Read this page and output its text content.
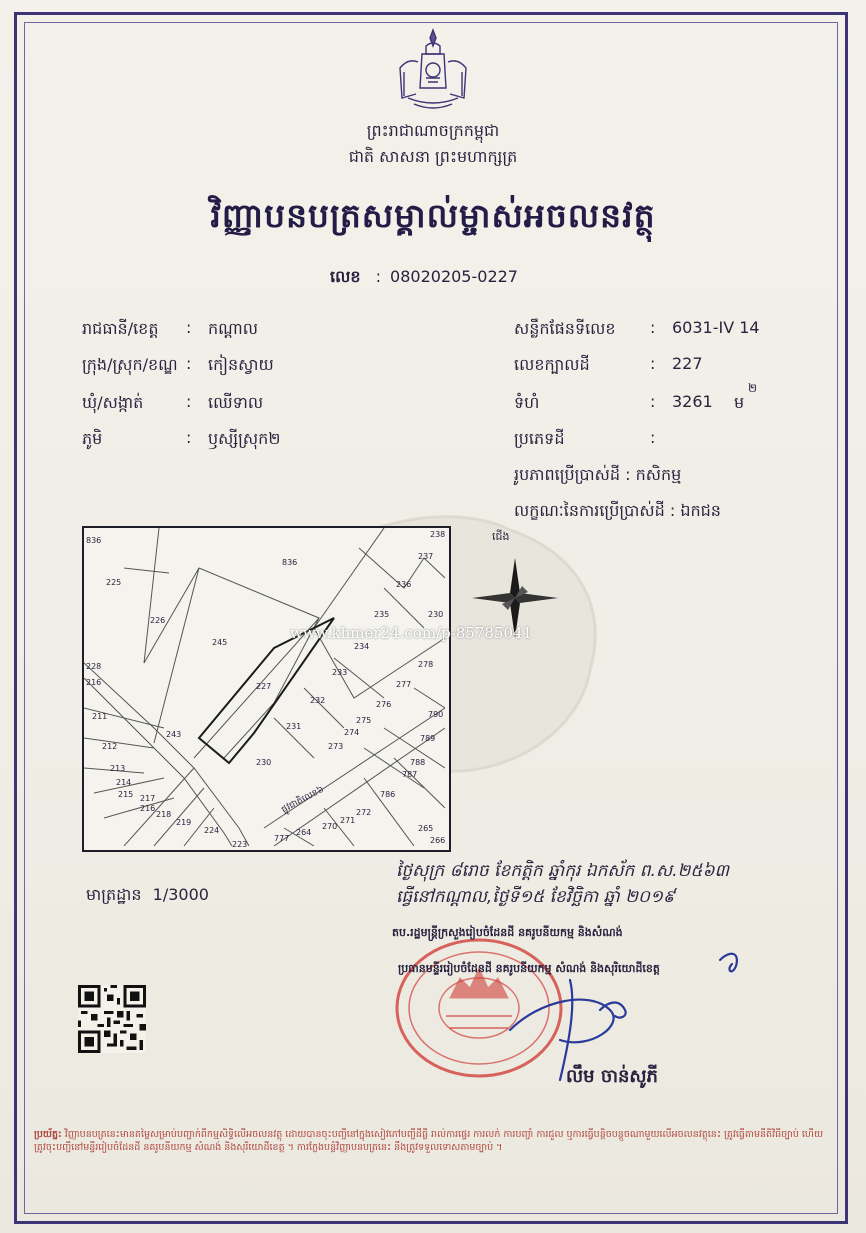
ព្រះរាជាណាចក្រកម្ពុជា
ជាតិ សាសនា ព្រះមហាក្សត្រ
វិញ្ញាបនបត្រសម្គាល់ម្ចាស់អចលនវត្ថុ
លេខ : 08020205-0227
រាជធានី/ខេត្ត : កណ្ដាល
ក្រុង/ស្រុក/ខណ្ឌ : កៀនស្វាយ
ឃុំ/សង្កាត់	: ឈើទាល
ភូមិ	: ឫស្សីស្រុក២
សន្លឹកផែនទីលេខ : 6031-IV 14
លេខក្បាលដី	: 227
ទំហំ	: 3261 ម
២
ប្រភេទដី	:
រូបភាពប្រើប្រាស់ដី : កសិកម្ម
លក្ខណៈនៃការប្រើប្រាស់ដី : ឯកជន
836
836
225
226
245
227
231
232
233
234
235
236
237
238
230
230
273
274
275
276
277
278
790
789
788
787
786
272
271
270
264
777
265
266
211
212
213
214
215
216
217
218
219
224
223
228
216
243
ផ្លូវជាតិលេខ៦
ជើង
www.khmer24.com/p-85785041
មាត្រដ្ឋាន 1/3000
ថ្ងៃសុក្រ ៨រោច ខែកត្តិក ឆ្នាំកុរ ឯកស័ក ព.ស.២៥៦៣
ធ្វើនៅកណ្ដាល,ថ្ងៃទី១៥ ខែវិច្ឆិកា ឆ្នាំ ២០១៩
តប.រដ្ឋមន្ត្រីក្រសួងរៀបចំដែនដី នគរូបនីយកម្ម និងសំណង់
ប្រធានមន្ទីររៀបចំដែនដី នគរូបនីយកម្ម សំណង់ និងសុរិយោដីខេត្ត
លឹម ចាន់សូភី
ប្រយ័ត្ន: វិញ្ញាបនបត្រនេះមានតម្លៃសម្រាប់បញ្ជាក់ពីកម្មសិទ្ធិលើអចលនវត្ថុ ដោយបានចុះបញ្ជីនៅក្នុងសៀវភៅបញ្ជីដីធ្លី រាល់ការផ្ទេរ ការលក់ ការបញ្ចាំ ការជួល ឬការធ្វើបន្តិចបន្តួចណាមួយលើអចលនវត្ថុនេះ ត្រូវធ្វើតាមនីតិវិធីច្បាប់ ហើយត្រូវចុះបញ្ជីនៅមន្ទីររៀបចំដែនដី នគរូបនីយកម្ម សំណង់ និងសុរិយោដីខេត្ត ។ ការក្លែងបន្លំវិញ្ញាបនបត្រនេះ នឹងត្រូវទទួលទោសតាមច្បាប់ ។
